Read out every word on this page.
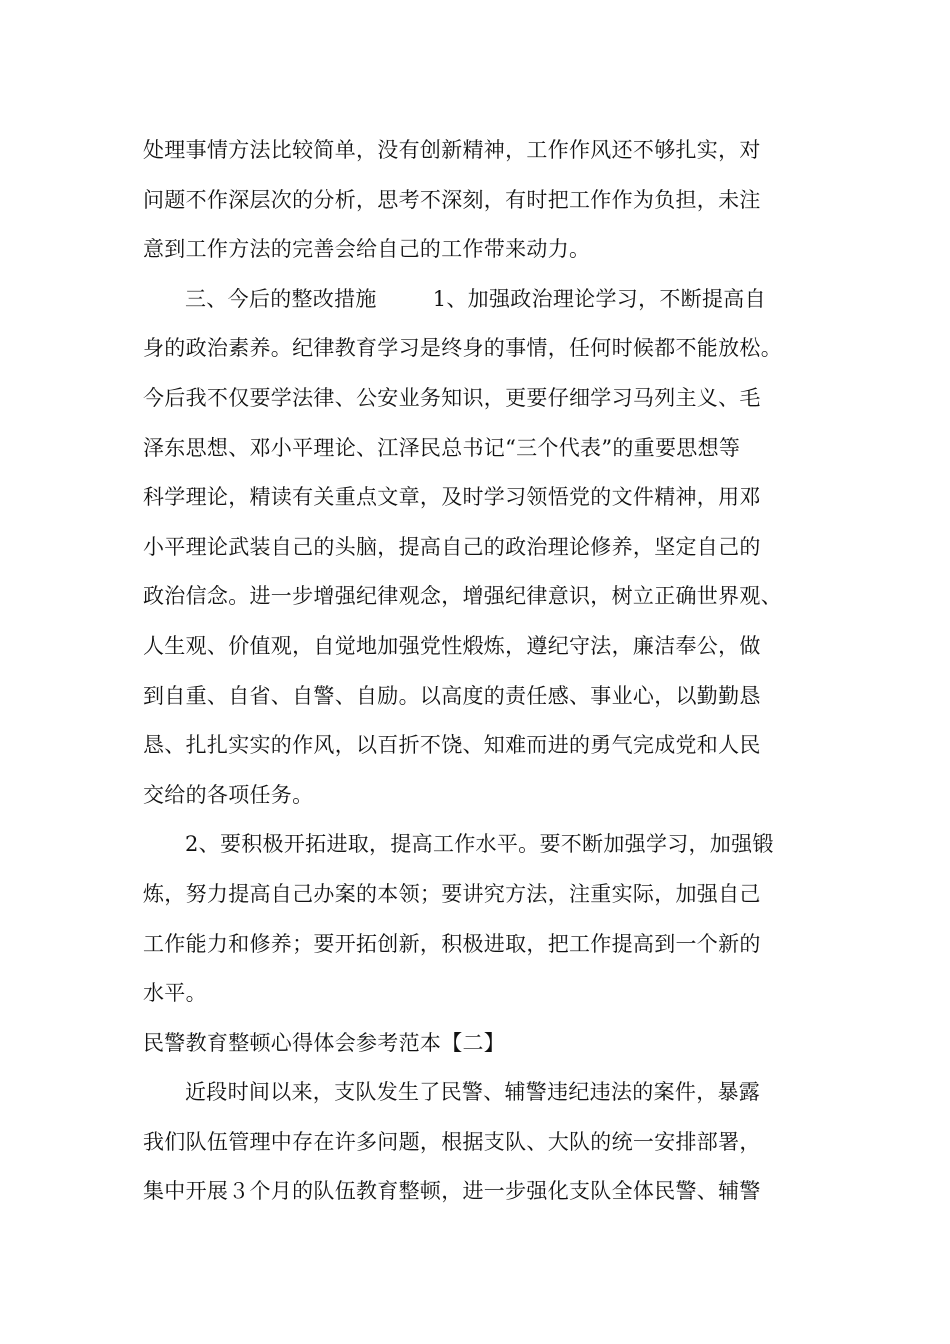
处理事情方法比较简单，没有创新精神，工作作风还不够扎实，对
问题不作深层次的分析，思考不深刻，有时把工作作为负担，未注
意到工作方法的完善会给自己的工作带来动力。
三、今后的整改措施	1、加强政治理论学习，不断提高自
身的政治素养。纪律教育学习是终身的事情，任何时候都不能放松。
今后我不仅要学法律、公安业务知识，更要仔细学习马列主义、毛
泽东思想、邓小平理论、江泽民总书记“三个代表”的重要思想等
科学理论，精读有关重点文章，及时学习领悟党的文件精神，用邓
小平理论武装自己的头脑，提高自己的政治理论修养，坚定自己的
政治信念。进一步增强纪律观念，增强纪律意识，树立正确世界观、
人生观、价值观，自觉地加强党性煅炼，遵纪守法，廉洁奉公，做
到自重、自省、自警、自励。以高度的责任感、事业心，以勤勤恳
恳、扎扎实实的作风，以百折不饶、知难而进的勇气完成党和人民
交给的各项任务。
2、要积极开拓进取，提高工作水平。要不断加强学习，加强锻
炼，努力提高自己办案的本领；要讲究方法，注重实际，加强自己
工作能力和修养；要开拓创新，积极进取，把工作提高到一个新的
水平。
民警教育整顿心得体会参考范本【二】
近段时间以来，支队发生了民警、辅警违纪违法的案件，暴露
我们队伍管理中存在许多问题，根据支队、大队的统一安排部署，
集中开展３个月的队伍教育整顿，进一步强化支队全体民警、辅警
